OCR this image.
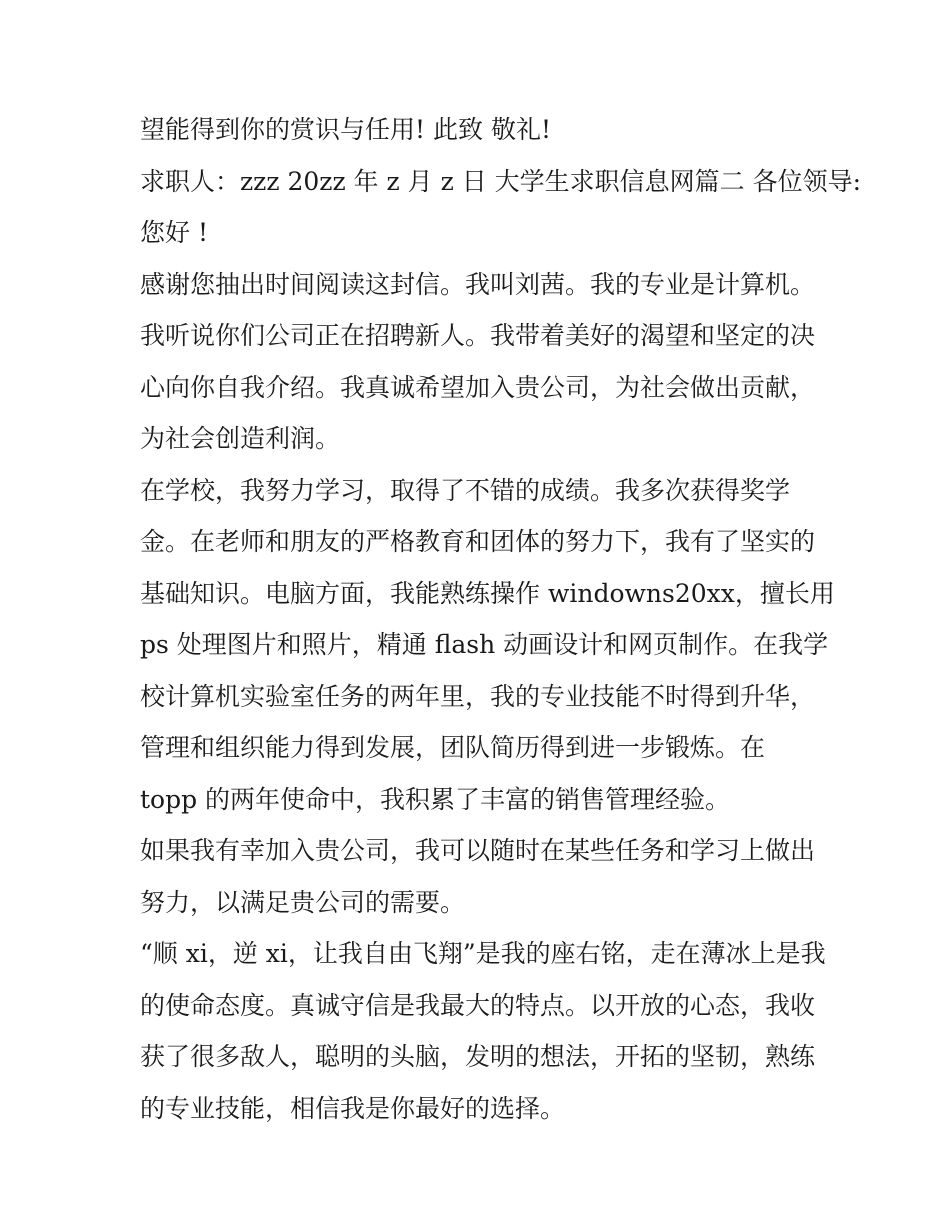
望能得到你的赏识与任用! 此致 敬礼!

求职人：zzz 20zz 年 z 月 z 日 大学生求职信息网篇二 各位领导:

您好 !

感谢您抽出时间阅读这封信。我叫刘茜。我的专业是计算机。

我听说你们公司正在招聘新人。我带着美好的渴望和坚定的决

心向你自我介绍。我真诚希望加入贵公司，为社会做出贡献，

为社会创造利润。

在学校，我努力学习，取得了不错的成绩。我多次获得奖学

金。在老师和朋友的严格教育和团体的努力下，我有了坚实的

基础知识。电脑方面，我能熟练操作 windowns20xx，擅长用

ps 处理图片和照片，精通 flash 动画设计和网页制作。在我学

校计算机实验室任务的两年里，我的专业技能不时得到升华，

管理和组织能力得到发展，团队简历得到进一步锻炼。在

topp 的两年使命中，我积累了丰富的销售管理经验。

如果我有幸加入贵公司，我可以随时在某些任务和学习上做出

努力，以满足贵公司的需要。

“顺 xi，逆 xi，让我自由飞翔”是我的座右铭，走在薄冰上是我

的使命态度。真诚守信是我最大的特点。以开放的心态，我收

获了很多敌人，聪明的头脑，发明的想法，开拓的坚韧，熟练

的专业技能，相信我是你最好的选择。
